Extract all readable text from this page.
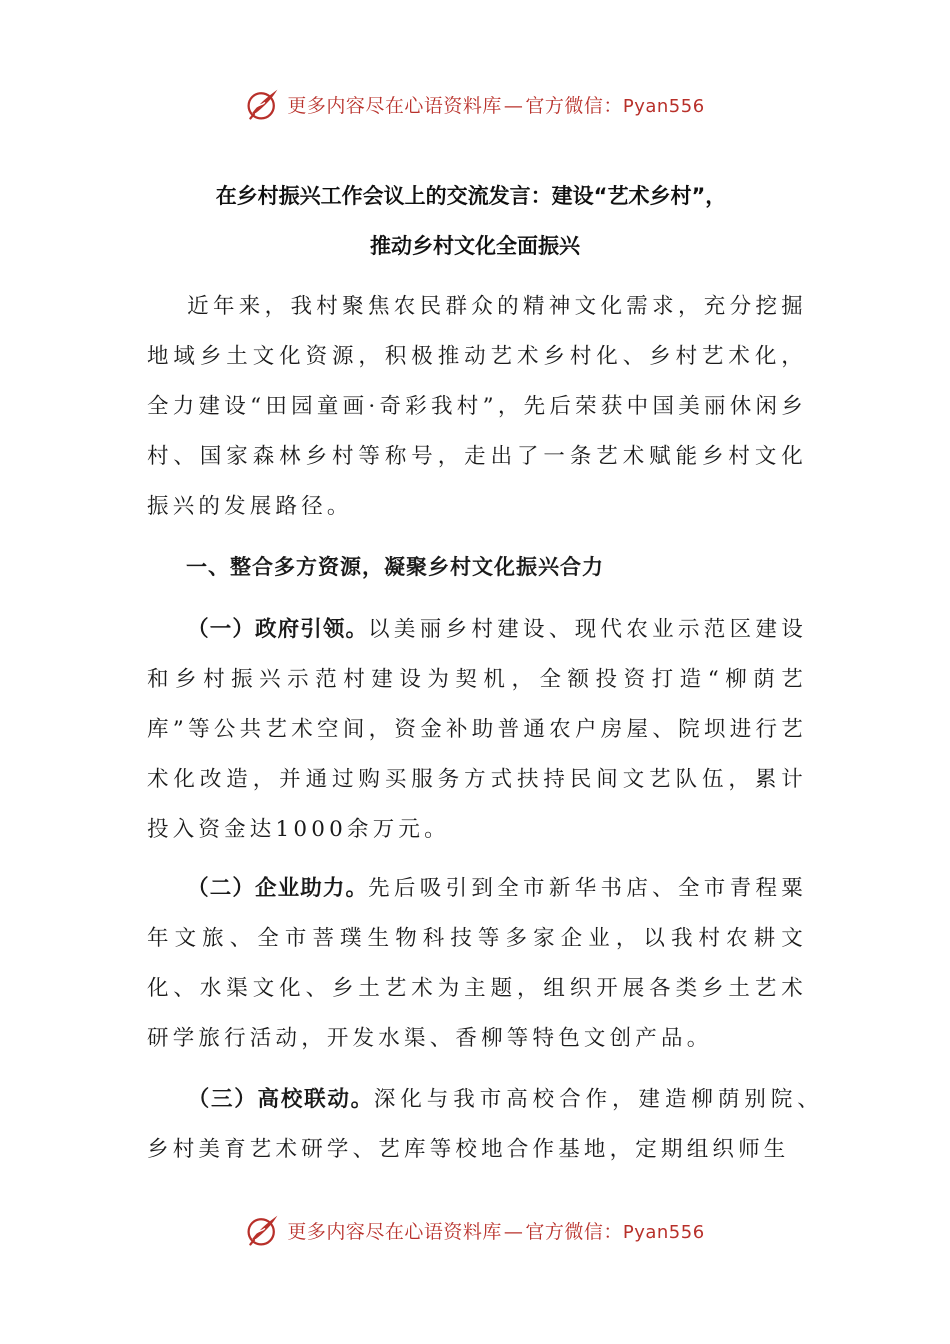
更多内容尽在心语资料库 — 官方微信：Pyan556
在乡村振兴工作会议上的交流发言：建设“艺术乡村”，
推动乡村文化全面振兴

近年来，我村聚焦农民群众的精神文化需求，充分挖掘地域乡土文化资源，积极推动艺术乡村化、乡村艺术化，全力建设“田园童画·奇彩我村”，先后荣获中国美丽休闲乡村、国家森林乡村等称号，走出了一条艺术赋能乡村文化振兴的发展路径。

一、整合多方资源，凝聚乡村文化振兴合力

（一）政府引领。以美丽乡村建设、现代农业示范区建设和乡村振兴示范村建设为契机，全额投资打造“柳荫艺库”等公共艺术空间，资金补助普通农户房屋、院坝进行艺术化改造，并通过购买服务方式扶持民间文艺队伍，累计投入资金达1000余万元。

（二）企业助力。先后吸引到全市新华书店、全市青程粟年文旅、全市菩璞生物科技等多家企业，以我村农耕文化、水渠文化、乡土艺术为主题，组织开展各类乡土艺术研学旅行活动，开发水渠、香柳等特色文创产品。

（三）高校联动。深化与我市高校合作，建造柳荫别院、乡村美育艺术研学、艺库等校地合作基地，定期组织师生

更多内容尽在心语资料库 — 官方微信：Pyan556
